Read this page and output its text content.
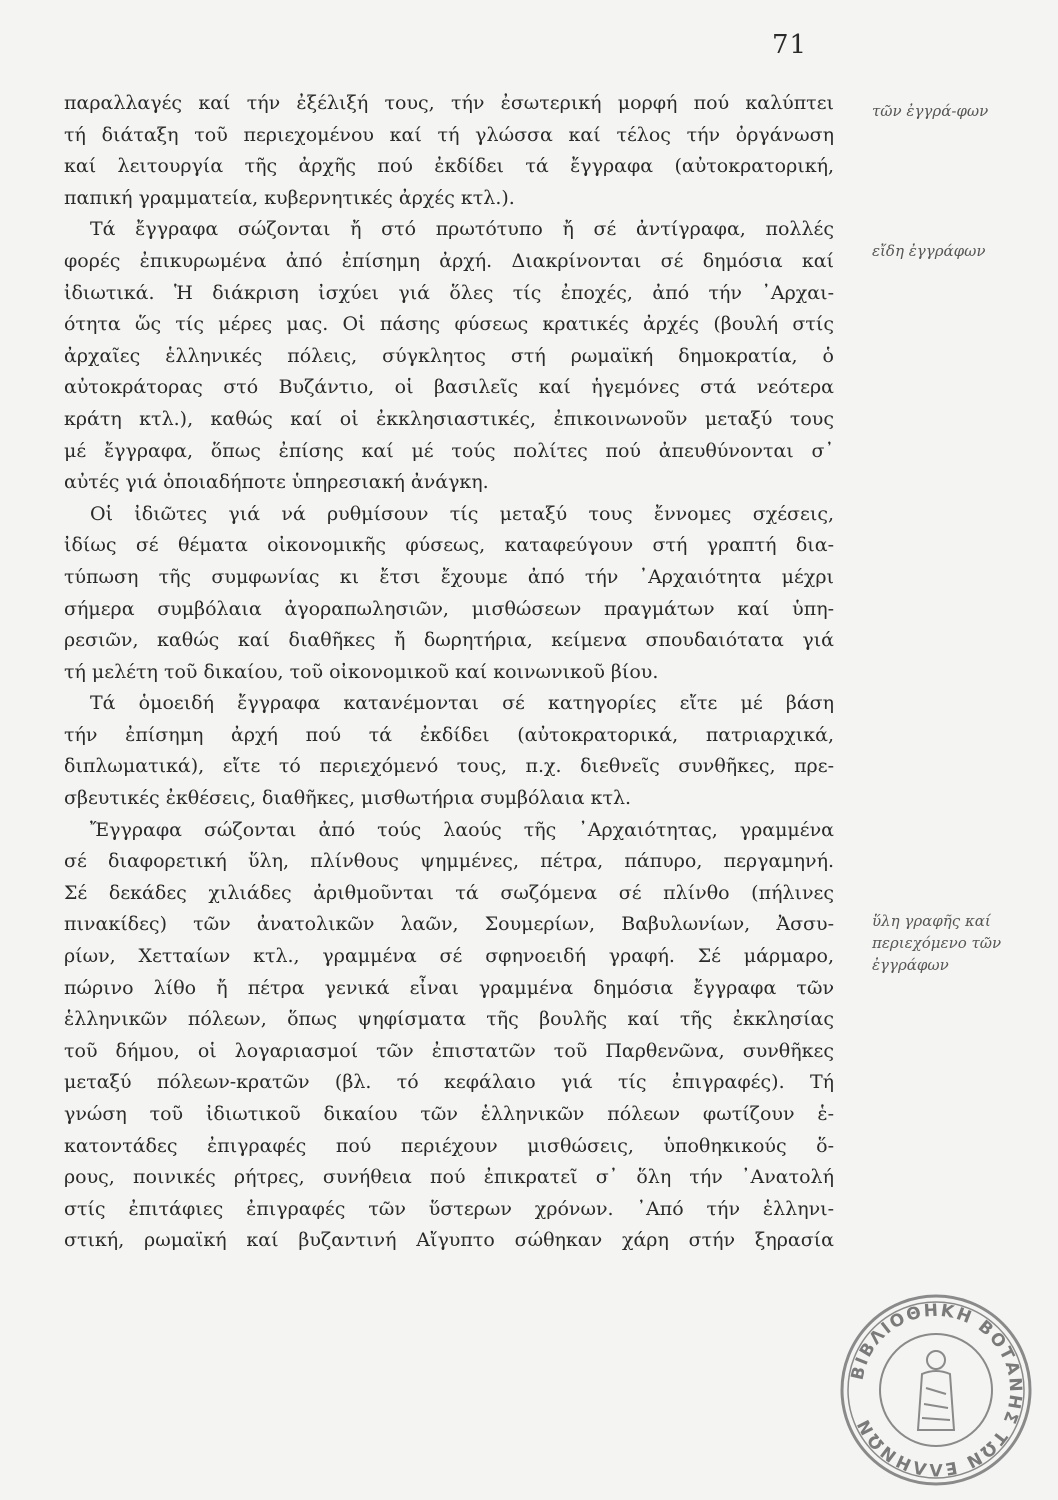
71
παραλλαγές καί τήν ἐξέλιξή τους, τήν ἐσωτερική μορφή πού καλύπτει
τή διάταξη τοῦ περιεχομένου καί τή γλώσσα καί τέλος τήν ὀργάνωση
καί λειτουργία τῆς ἀρχῆς πού ἐκδίδει τά ἔγγραφα (αὐτοκρατορική,
παπική γραμματεία, κυβερνητικές ἀρχές κτλ.).
Τά ἔγγραφα σώζονται ἤ στό πρωτότυπο ἤ σέ ἀντίγραφα, πολλές
φορές ἐπικυρωμένα ἀπό ἐπίσημη ἀρχή. Διακρίνονται σέ δημόσια καί
ἰδιωτικά. Ἡ διάκριση ἰσχύει γιά ὅλες τίς ἐποχές, ἀπό τήν ᾿Αρχαι-
ότητα ὥς τίς μέρες μας. Οἱ πάσης φύσεως κρατικές ἀρχές (βουλή στίς
ἀρχαῖες ἑλληνικές πόλεις, σύγκλητος στή ρωμαϊκή δημοκρατία, ὁ
αὐτοκράτορας στό Βυζάντιο, οἱ βασιλεῖς καί ἡγεμόνες στά νεότερα
κράτη κτλ.), καθώς καί οἱ ἐκκλησιαστικές, ἐπικοινωνοῦν μεταξύ τους
μέ ἔγγραφα, ὅπως ἐπίσης καί μέ τούς πολίτες πού ἀπευθύνονται σ᾿
αὐτές γιά ὁποιαδήποτε ὑπηρεσιακή ἀνάγκη.
Οἱ ἰδιῶτες γιά νά ρυθμίσουν τίς μεταξύ τους ἔννομες σχέσεις,
ἰδίως σέ θέματα οἰκονομικῆς φύσεως, καταφεύγουν στή γραπτή δια-
τύπωση τῆς συμφωνίας κι ἔτσι ἔχουμε ἀπό τήν ᾿Αρχαιότητα μέχρι
σήμερα συμβόλαια ἀγοραπωλησιῶν, μισθώσεων πραγμάτων καί ὑπη-
ρεσιῶν, καθώς καί διαθῆκες ἤ δωρητήρια, κείμενα σπουδαιότατα γιά
τή μελέτη τοῦ δικαίου, τοῦ οἰκονομικοῦ καί κοινωνικοῦ βίου.
Τά ὁμοειδή ἔγγραφα κατανέμονται σέ κατηγορίες εἴτε μέ βάση
τήν ἐπίσημη ἀρχή πού τά ἐκδίδει (αὐτοκρατορικά, πατριαρχικά,
διπλωματικά), εἴτε τό περιεχόμενό τους, π.χ. διεθνεῖς συνθῆκες, πρε-
σβευτικές ἐκθέσεις, διαθῆκες, μισθωτήρια συμβόλαια κτλ.
Ἔγγραφα σώζονται ἀπό τούς λαούς τῆς ᾿Αρχαιότητας, γραμμένα
σέ διαφορετική ὕλη, πλίνθους ψημμένες, πέτρα, πάπυρο, περγαμηνή.
Σέ δεκάδες χιλιάδες ἀριθμοῦνται τά σωζόμενα σέ πλίνθο (πήλινες
πινακίδες) τῶν ἀνατολικῶν λαῶν, Σουμερίων, Βαβυλωνίων, Ἀσσυ-
ρίων, Χετταίων κτλ., γραμμένα σέ σφηνοειδή γραφή. Σέ μάρμαρο,
πώρινο λίθο ἤ πέτρα γενικά εἶναι γραμμένα δημόσια ἔγγραφα τῶν
ἑλληνικῶν πόλεων, ὅπως ψηφίσματα τῆς βουλῆς καί τῆς ἐκκλησίας
τοῦ δήμου, οἱ λογαριασμοί τῶν ἐπιστατῶν τοῦ Παρθενῶνα, συνθῆκες
μεταξύ πόλεων-κρατῶν (βλ. τό κεφάλαιο γιά τίς ἐπιγραφές). Τή
γνώση τοῦ ἰδιωτικοῦ δικαίου τῶν ἑλληνικῶν πόλεων φωτίζουν ἑ-
κατοντάδες ἐπιγραφές πού περιέχουν μισθώσεις, ὑποθηκικούς ὅ-
ρους, ποινικές ρήτρες, συνήθεια πού ἐπικρατεῖ σ᾿ ὅλη τήν ᾿Ανατολή
στίς ἐπιτάφιες ἐπιγραφές τῶν ὕστερων χρόνων. ᾿Από τήν ἑλληνι-
στική, ρωμαϊκή καί βυζαντινή Αἴγυπτο σώθηκαν χάρη στήν ξηρασία
τῶν ἐγγρά-φων
εἴδη ἐγγράφων
ὕλη γραφῆς καί περιεχόμενο τῶν ἐγγράφων
ΒΙΒΛΙΟΘΗΚΗ ΒΟΤΑΝΗΣ ΤΩΝ ΕΛΛΗΝΩΝ
